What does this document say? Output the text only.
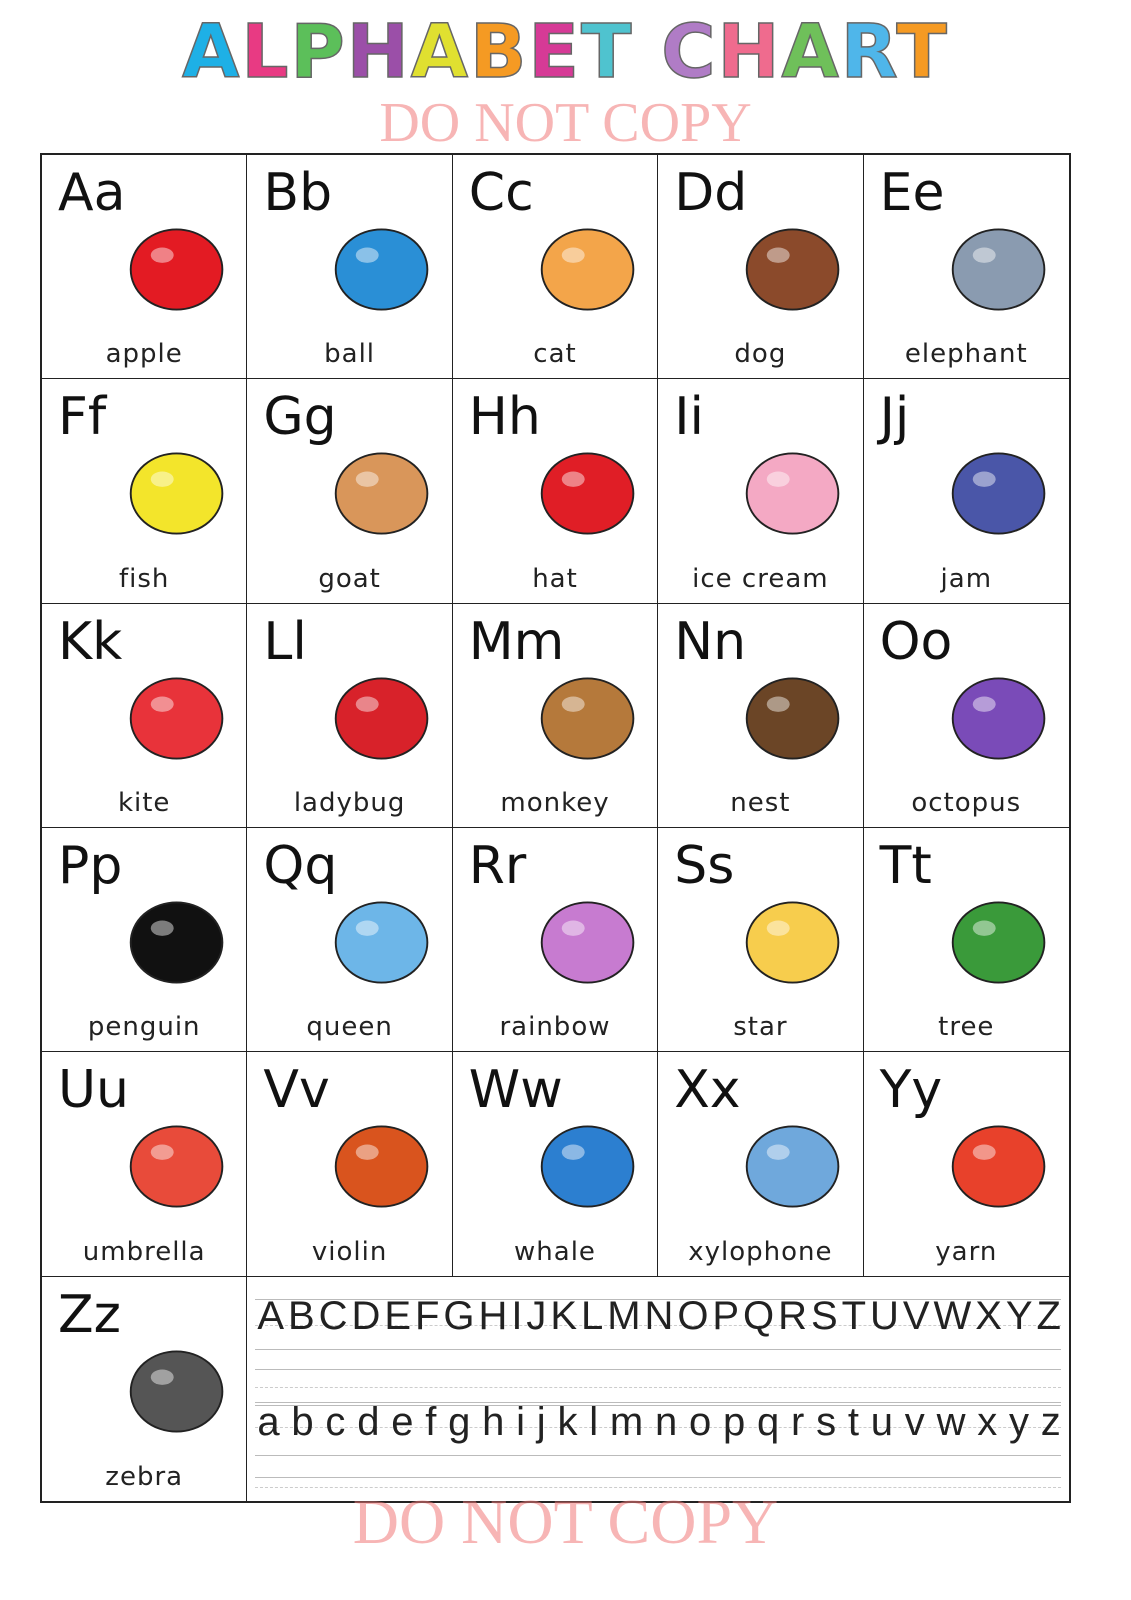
ALPHABET CHART
DO NOT COPY
Aa
apple
Bb
ball
Cc
cat
Dd
dog
Ee
elephant
Ff
fish
Gg
goat
Hh
hat
Ii
ice cream
Jj
jam
Kk
kite
Ll
ladybug
Mm
monkey
Nn
nest
Oo
octopus
Pp
penguin
Qq
queen
Rr
rainbow
Ss
star
Tt
tree
Uu
umbrella
Vv
violin
Ww
whale
Xx
xylophone
Yy
yarn
Zz
zebra
A B C D E F G H I J K L M N O P Q R S T U V W X Y Z
a b c d e f g h i j k l m n o p q r s t u v w x y z
DO NOT COPY
